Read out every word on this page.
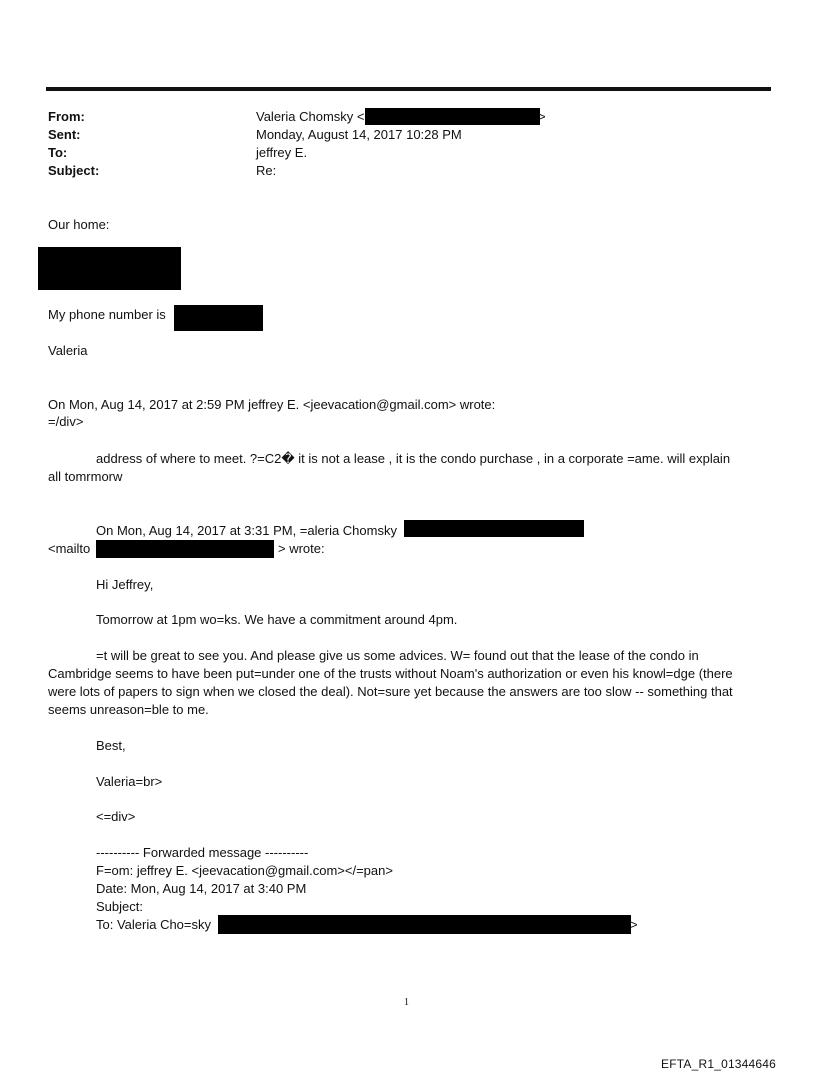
From:	Valeria Chomsky <	>
Sent:	Monday, August 14, 2017 10:28 PM
To:	jeffrey E.
Subject:	Re:
Our home:
My phone number is
Valeria
On Mon, Aug 14, 2017 at 2:59 PM jeffrey E. <jeevacation@gmail.com> wrote:
=/div>
address of where to meet. ?=C2� it is not a lease , it is the condo purchase , in a corporate =ame. will explain
all tomrmorw
On Mon, Aug 14, 2017 at 3:31 PM, =aleria Chomsky
<mailto	> wrote:
Hi Jeffrey,
Tomorrow at 1pm wo=ks. We have a commitment around 4pm.
=t will be great to see you. And please give us some advices. W= found out that the lease of the condo in
Cambridge seems to have been put=under one of the trusts without Noam's authorization or even his knowl=dge (there
were lots of papers to sign when we closed the deal). Not=sure yet because the answers are too slow -- something that
seems unreason=ble to me.
Best,
Valeria=br>
<=div>
---------- Forwarded message ----------
F=om: jeffrey E. <jeevacation@gmail.com></=pan>
Date: Mon, Aug 14, 2017 at 3:40 PM
Subject:
To: Valeria Cho=sky	>
1
EFTA_R1_01344646
